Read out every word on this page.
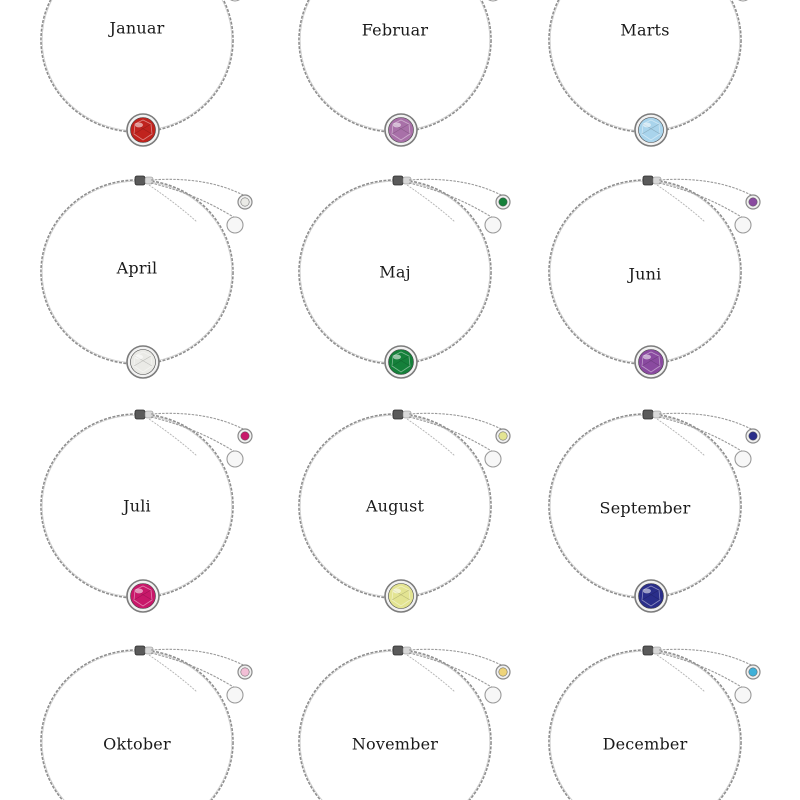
Januar	Februar	Marts
April	Maj	Juni
Juli	August	September
Oktober	November	December
